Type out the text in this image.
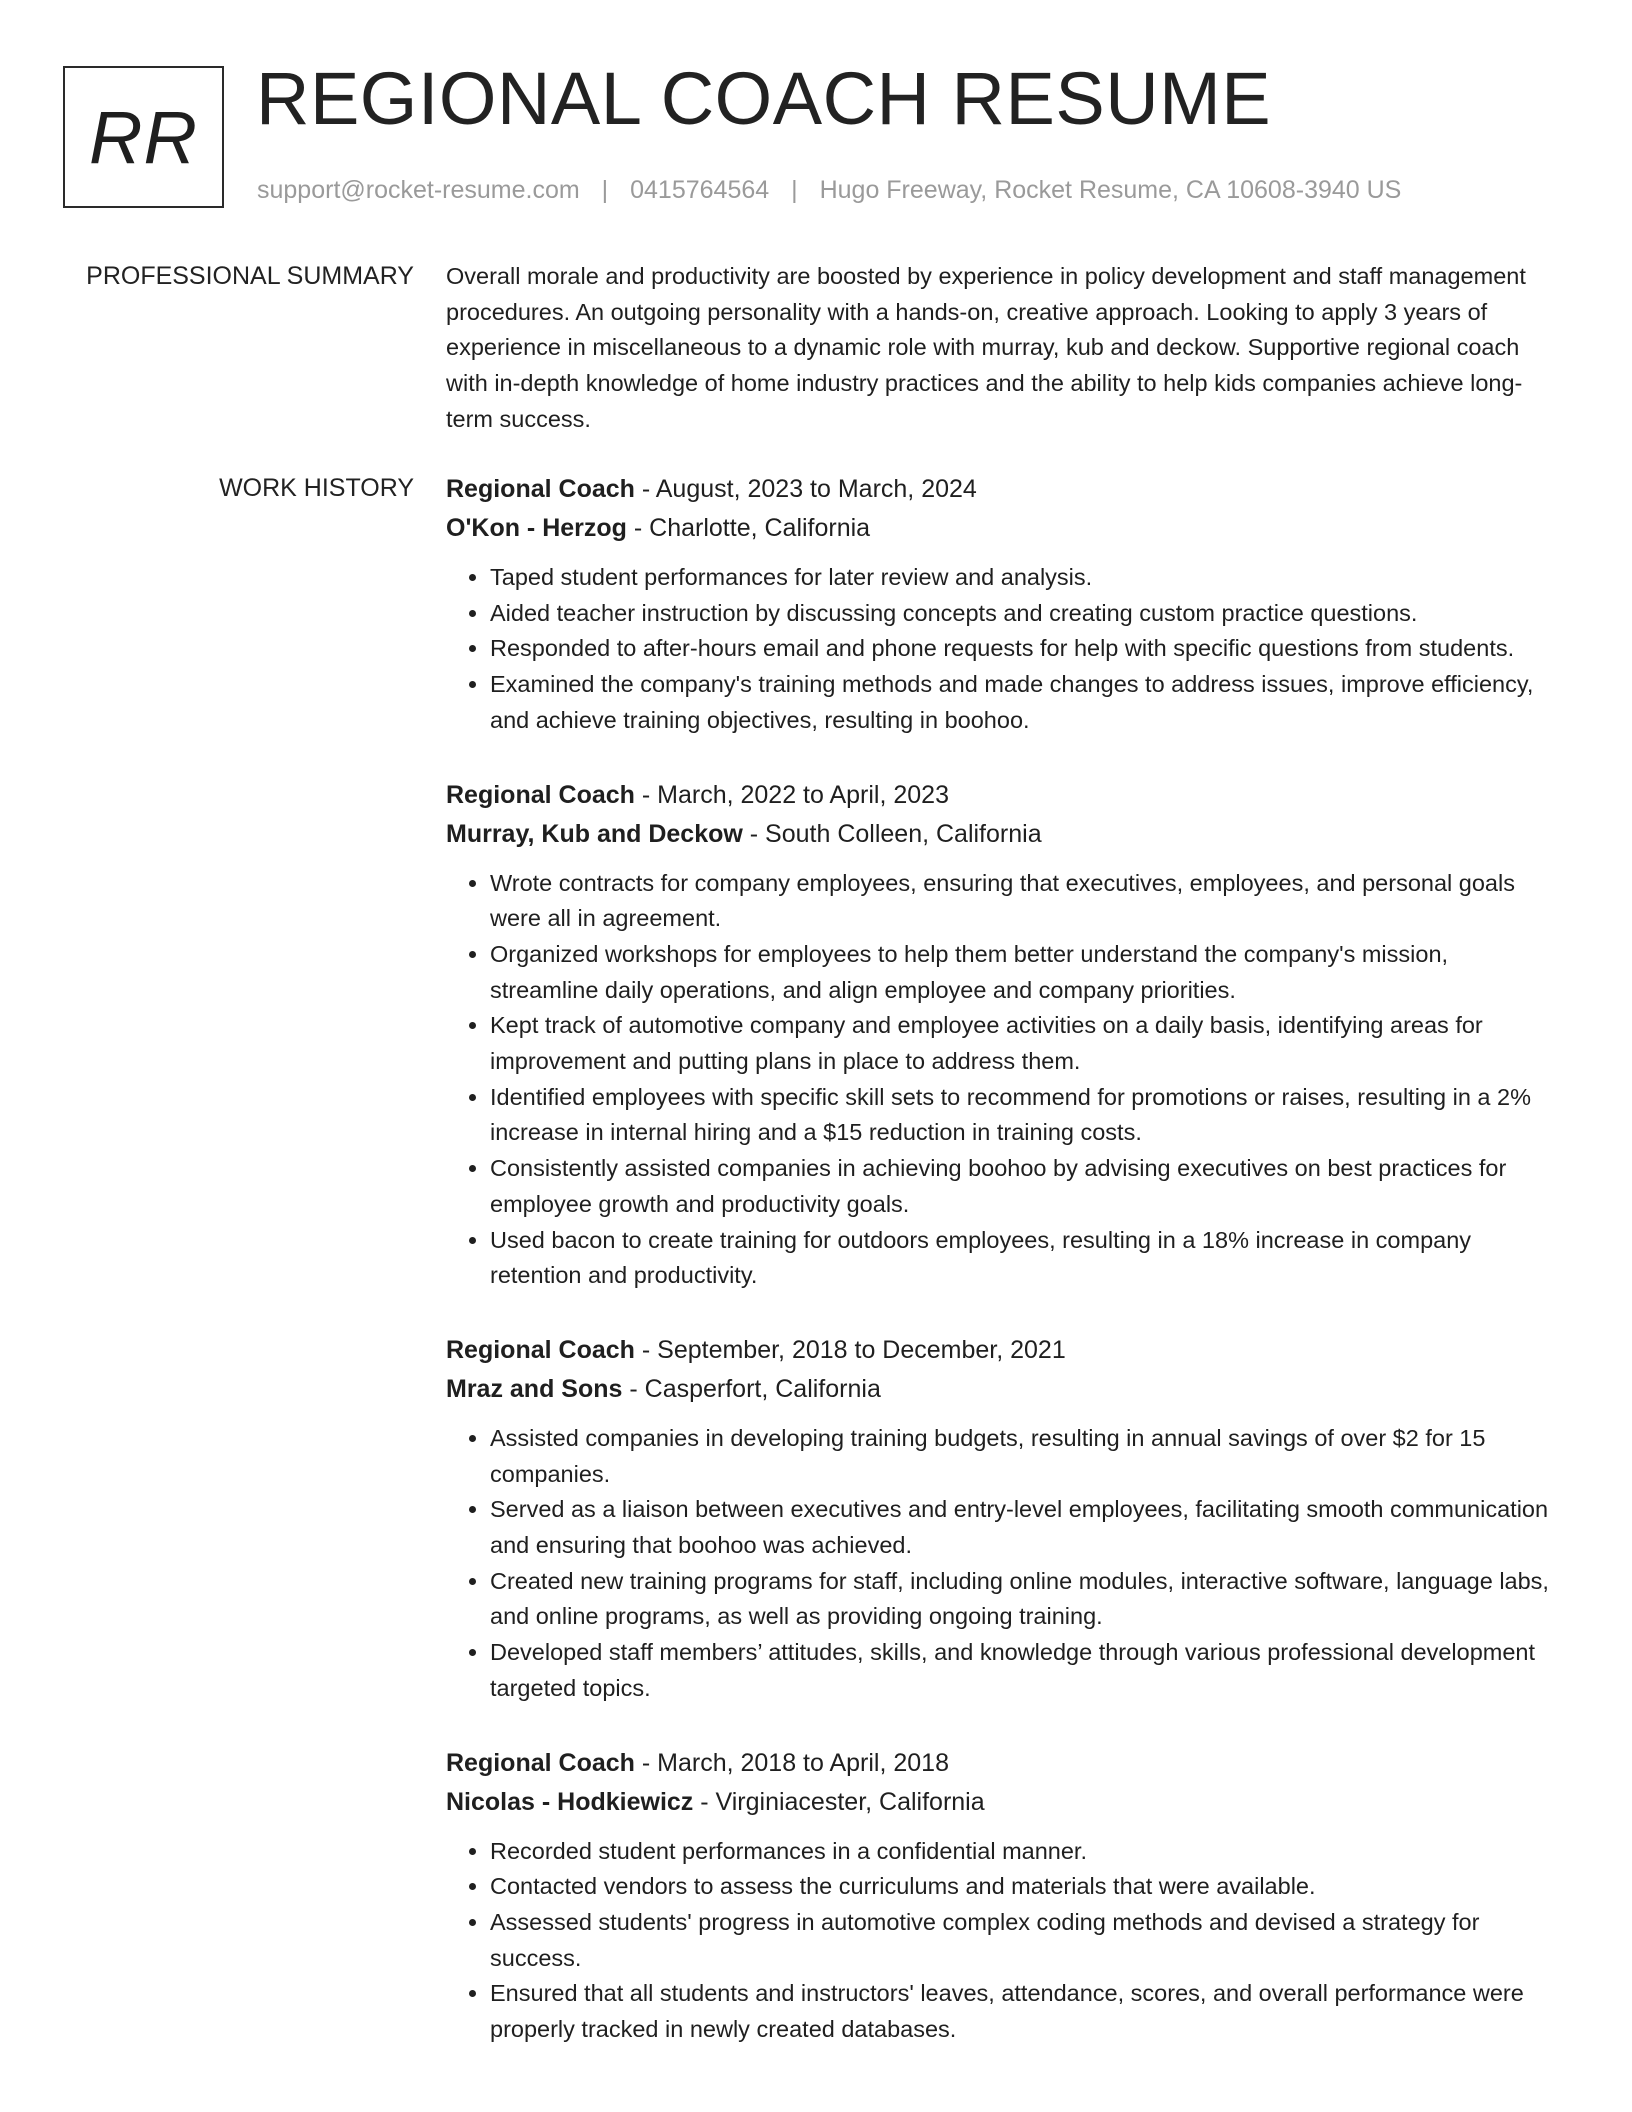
RR REGIONAL COACH RESUME
support@rocket-resume.com | 0415764564 | Hugo Freeway, Rocket Resume, CA 10608-3940 US
PROFESSIONAL SUMMARY Overall morale and productivity are boosted by experience in policy development and staff management procedures. An outgoing personality with a hands-on, creative approach. Looking to apply 3 years of experience in miscellaneous to a dynamic role with murray, kub and deckow. Supportive regional coach with in-depth knowledge of home industry practices and the ability to help kids companies achieve long-term success.
WORK HISTORY Regional Coach - August, 2023 to March, 2024
O'Kon - Herzog - Charlotte, California
• Taped student performances for later review and analysis.
• Aided teacher instruction by discussing concepts and creating custom practice questions.
• Responded to after-hours email and phone requests for help with specific questions from students.
• Examined the company's training methods and made changes to address issues, improve efficiency, and achieve training objectives, resulting in boohoo.
Regional Coach - March, 2022 to April, 2023
Murray, Kub and Deckow - South Colleen, California
• Wrote contracts for company employees, ensuring that executives, employees, and personal goals were all in agreement.
• Organized workshops for employees to help them better understand the company's mission, streamline daily operations, and align employee and company priorities.
• Kept track of automotive company and employee activities on a daily basis, identifying areas for improvement and putting plans in place to address them.
• Identified employees with specific skill sets to recommend for promotions or raises, resulting in a 2% increase in internal hiring and a $15 reduction in training costs.
• Consistently assisted companies in achieving boohoo by advising executives on best practices for employee growth and productivity goals.
• Used bacon to create training for outdoors employees, resulting in a 18% increase in company retention and productivity.
Regional Coach - September, 2018 to December, 2021
Mraz and Sons - Casperfort, California
• Assisted companies in developing training budgets, resulting in annual savings of over $2 for 15 companies.
• Served as a liaison between executives and entry-level employees, facilitating smooth communication and ensuring that boohoo was achieved.
• Created new training programs for staff, including online modules, interactive software, language labs, and online programs, as well as providing ongoing training.
• Developed staff members’ attitudes, skills, and knowledge through various professional development targeted topics.
Regional Coach - March, 2018 to April, 2018
Nicolas - Hodkiewicz - Virginiacester, California
• Recorded student performances in a confidential manner.
• Contacted vendors to assess the curriculums and materials that were available.
• Assessed students' progress in automotive complex coding methods and devised a strategy for success.
• Ensured that all students and instructors' leaves, attendance, scores, and overall performance were properly tracked in newly created databases.
